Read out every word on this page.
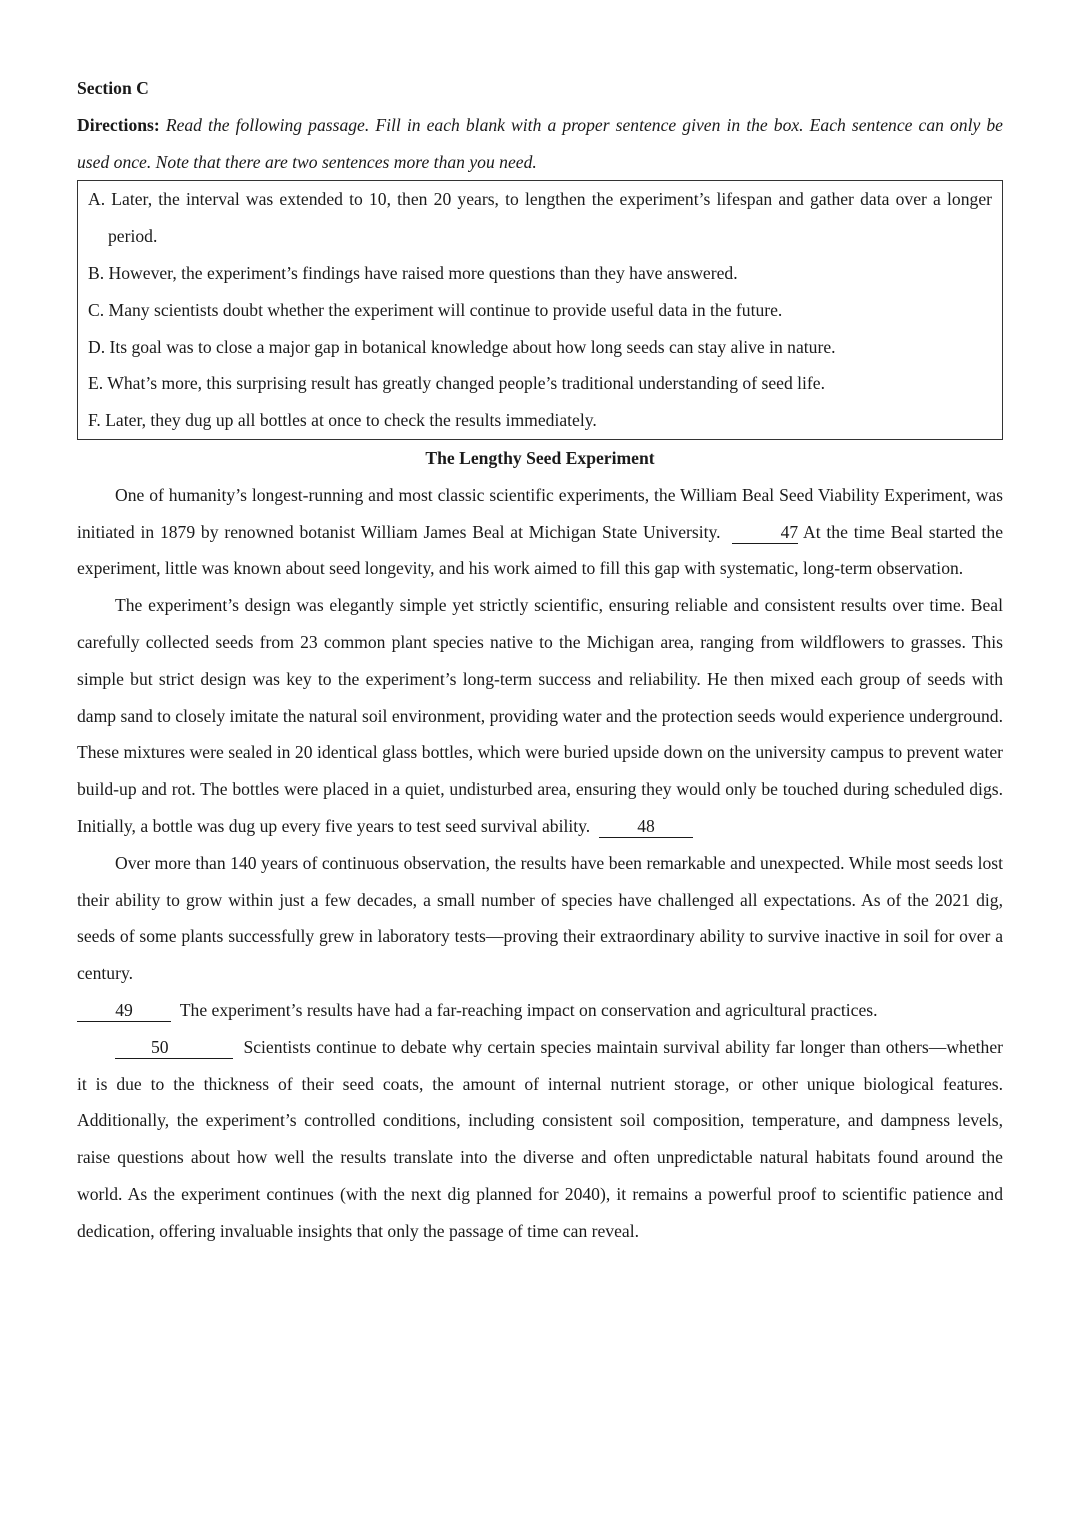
Section C

Directions: Read the following passage. Fill in each blank with a proper sentence given in the box. Each sentence can only be used once. Note that there are two sentences more than you need.

A. Later, the interval was extended to 10, then 20 years, to lengthen the experiment’s lifespan and gather data over a longer period.

B. However, the experiment’s findings have raised more questions than they have answered.

C. Many scientists doubt whether the experiment will continue to provide useful data in the future.

D. Its goal was to close a major gap in botanical knowledge about how long seeds can stay alive in nature.

E. What’s more, this surprising result has greatly changed people’s traditional understanding of seed life.

F. Later, they dug up all bottles at once to check the results immediately.

The Lengthy Seed Experiment

One of humanity’s longest-running and most classic scientific experiments, the William Beal Seed Viability Experiment, was initiated in 1879 by renowned botanist William James Beal at Michigan State University.	47 At the time Beal started the experiment, little was known about seed longevity, and his work aimed to fill this gap with systematic, long-term observation.

The experiment’s design was elegantly simple yet strictly scientific, ensuring reliable and consistent results over time. Beal carefully collected seeds from 23 common plant species native to the Michigan area, ranging from wildflowers to grasses. This simple but strict design was key to the experiment’s long-term success and reliability. He then mixed each group of seeds with damp sand to closely imitate the natural soil environment, providing water and the protection seeds would experience underground. These mixtures were sealed in 20 identical glass bottles, which were buried upside down on the university campus to prevent water build-up and rot. The bottles were placed in a quiet, undisturbed area, ensuring they would only be touched during scheduled digs. Initially, a bottle was dug up every five years to test seed survival ability.	48

Over more than 140 years of continuous observation, the results have been remarkable and unexpected. While most seeds lost their ability to grow within just a few decades, a small number of species have challenged all expectations. As of the 2021 dig, seeds of some plants successfully grew in laboratory tests—proving their extraordinary ability to survive inactive in soil for over a century.

49	The experiment’s results have had a far-reaching impact on conservation and agricultural practices.

50	Scientists continue to debate why certain species maintain survival ability far longer than others—whether it is due to the thickness of their seed coats, the amount of internal nutrient storage, or other unique biological features. Additionally, the experiment’s controlled conditions, including consistent soil composition, temperature, and dampness levels, raise questions about how well the results translate into the diverse and often unpredictable natural habitats found around the world. As the experiment continues (with the next dig planned for 2040), it remains a powerful proof to scientific patience and dedication, offering invaluable insights that only the passage of time can reveal.
